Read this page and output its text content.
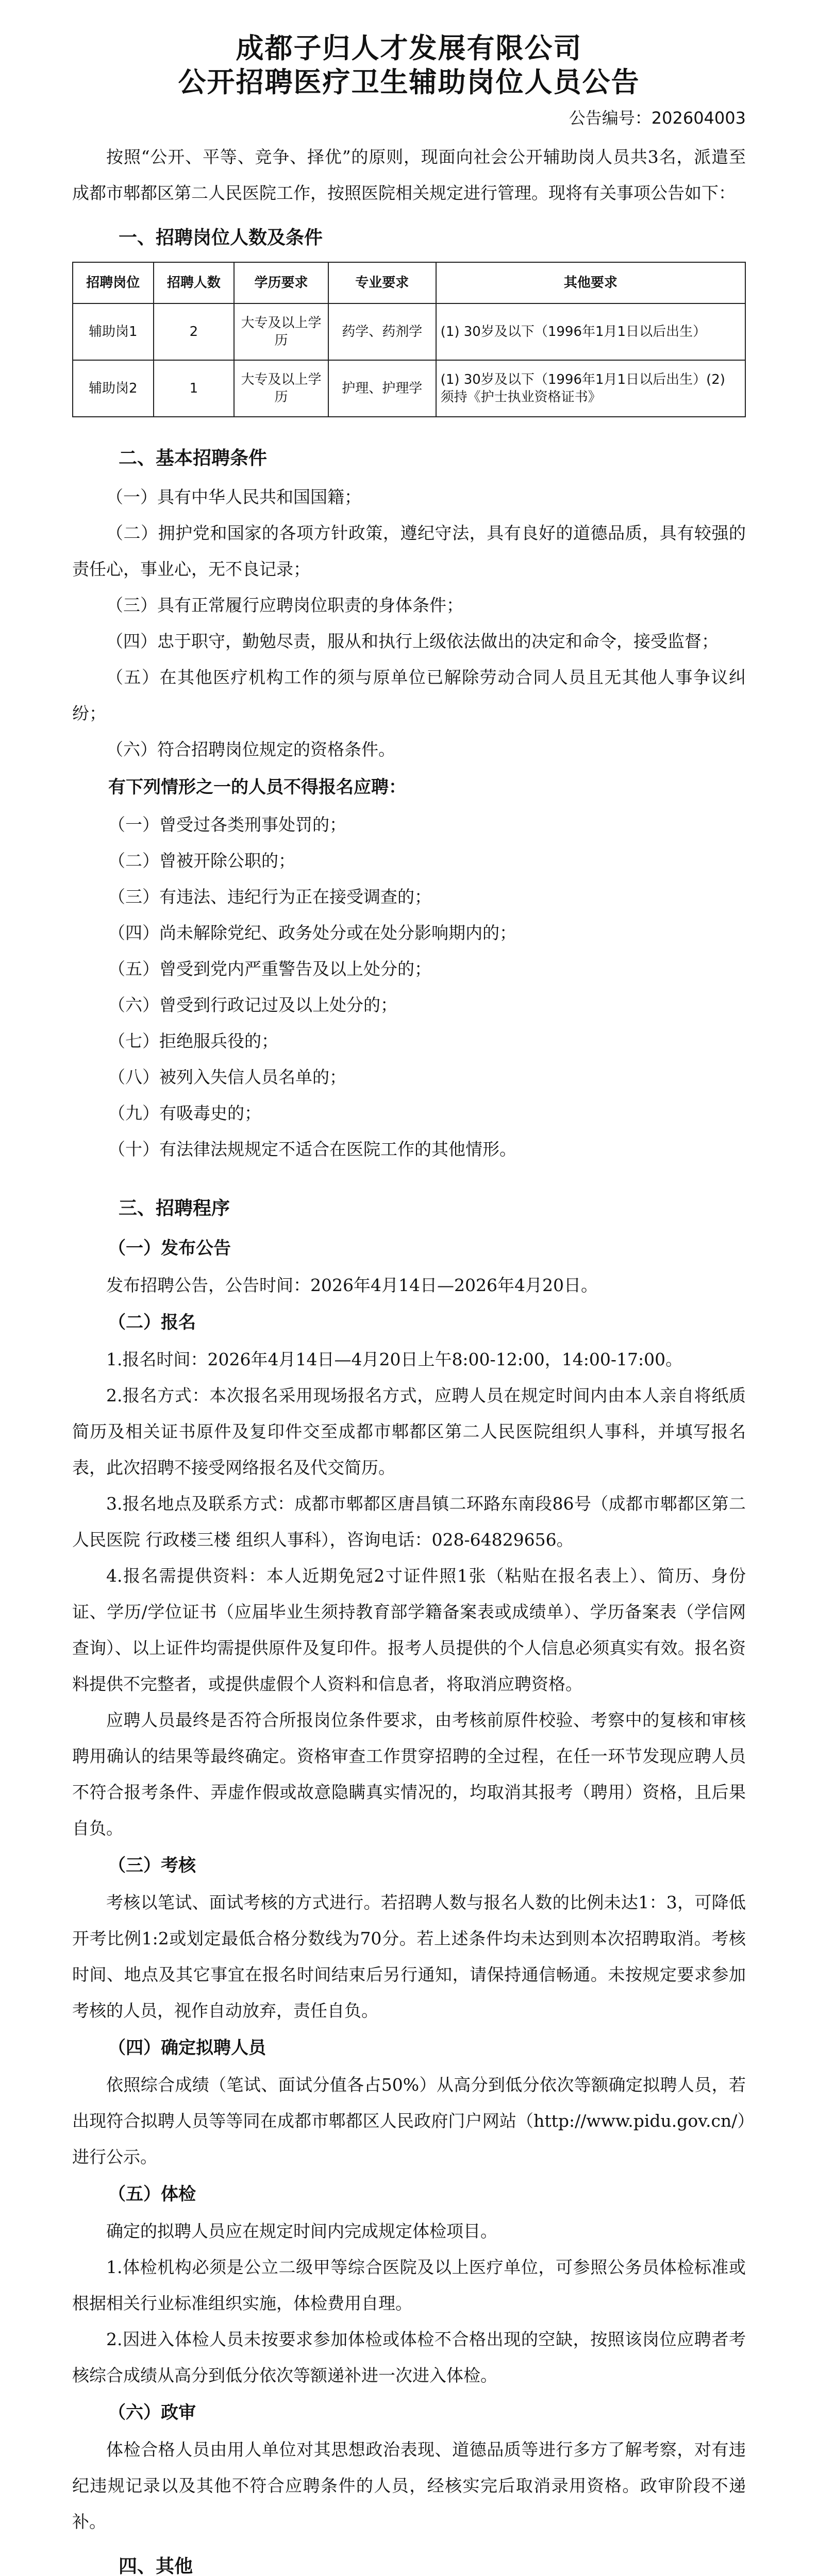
成都子归人才发展有限公司
公开招聘医疗卫生辅助岗位人员公告
公告编号：202604003

按照“公开、平等、竞争、择优”的原则，现面向社会公开辅助岗人员共3名，派遣至成都市郫都区第二人民医院工作，按照医院相关规定进行管理。现将有关事项公告如下：

一、招聘岗位人数及条件
招聘岗位	招聘人数	学历要求	专业要求	其他要求
辅助岗1	2	大专及以上学历	药学、药剂学	(1) 30岁及以下（1996年1月1日以后出生）
辅助岗2	1	大专及以上学历	护理、护理学	(1) 30岁及以下（1996年1月1日以后出生）(2) 须持《护士执业资格证书》
二、基本招聘条件

（一）具有中华人民共和国国籍；

（二）拥护党和国家的各项方针政策，遵纪守法，具有良好的道德品质，具有较强的责任心，事业心，无不良记录；

（三）具有正常履行应聘岗位职责的身体条件；

（四）忠于职守，勤勉尽责，服从和执行上级依法做出的决定和命令，接受监督；

（五）在其他医疗机构工作的须与原单位已解除劳动合同人员且无其他人事争议纠纷；

（六）符合招聘岗位规定的资格条件。

有下列情形之一的人员不得报名应聘：

（一）曾受过各类刑事处罚的；

（二）曾被开除公职的；

（三）有违法、违纪行为正在接受调查的；

（四）尚未解除党纪、政务处分或在处分影响期内的；

（五）曾受到党内严重警告及以上处分的；

（六）曾受到行政记过及以上处分的；

（七）拒绝服兵役的；

（八）被列入失信人员名单的；

（九）有吸毒史的；

（十）有法律法规规定不适合在医院工作的其他情形。

三、招聘程序
（一）发布公告

发布招聘公告，公告时间：2026年4月14日—2026年4月20日。

（二）报名

1.报名时间：2026年4月14日—4月20日上午8:00-12:00，14:00-17:00。

2.报名方式：本次报名采用现场报名方式，应聘人员在规定时间内由本人亲自将纸质简历及相关证书原件及复印件交至成都市郫都区第二人民医院组织人事科，并填写报名表，此次招聘不接受网络报名及代交简历。

3.报名地点及联系方式：成都市郫都区唐昌镇二环路东南段86号（成都市郫都区第二人民医院 行政楼三楼 组织人事科），咨询电话：028-64829656。

4.报名需提供资料：本人近期免冠2寸证件照1张（粘贴在报名表上）、简历、身份证、学历/学位证书（应届毕业生须持教育部学籍备案表或成绩单）、学历备案表（学信网查询）、以上证件均需提供原件及复印件。报考人员提供的个人信息必须真实有效。报名资料提供不完整者，或提供虚假个人资料和信息者，将取消应聘资格。

应聘人员最终是否符合所报岗位条件要求，由考核前原件校验、考察中的复核和审核聘用确认的结果等最终确定。资格审查工作贯穿招聘的全过程，在任一环节发现应聘人员不符合报考条件、弄虚作假或故意隐瞒真实情况的，均取消其报考（聘用）资格，且后果自负。

（三）考核

考核以笔试、面试考核的方式进行。若招聘人数与报名人数的比例未达1：3，可降低开考比例1:2或划定最低合格分数线为70分。若上述条件均未达到则本次招聘取消。考核时间、地点及其它事宜在报名时间结束后另行通知，请保持通信畅通。未按规定要求参加考核的人员，视作自动放弃，责任自负。

（四）确定拟聘人员

依照综合成绩（笔试、面试分值各占50%）从高分到低分依次等额确定拟聘人员，若出现符合拟聘人员等等同在成都市郫都区人民政府门户网站（http://www.pidu.gov.cn/）进行公示。

（五）体检

确定的拟聘人员应在规定时间内完成规定体检项目。

1.体检机构必须是公立二级甲等综合医院及以上医疗单位，可参照公务员体检标准或根据相关行业标准组织实施，体检费用自理。

2.因进入体检人员未按要求参加体检或体检不合格出现的空缺，按照该岗位应聘者考核综合成绩从高分到低分依次等额递补进一次进入体检。

（六）政审

体检合格人员由用人单位对其思想政治表现、道德品质等进行多方了解考察，对有违纪违规记录以及其他不符合应聘条件的人员，经核实完后取消录用资格。政审阶段不递补。

四、其他
